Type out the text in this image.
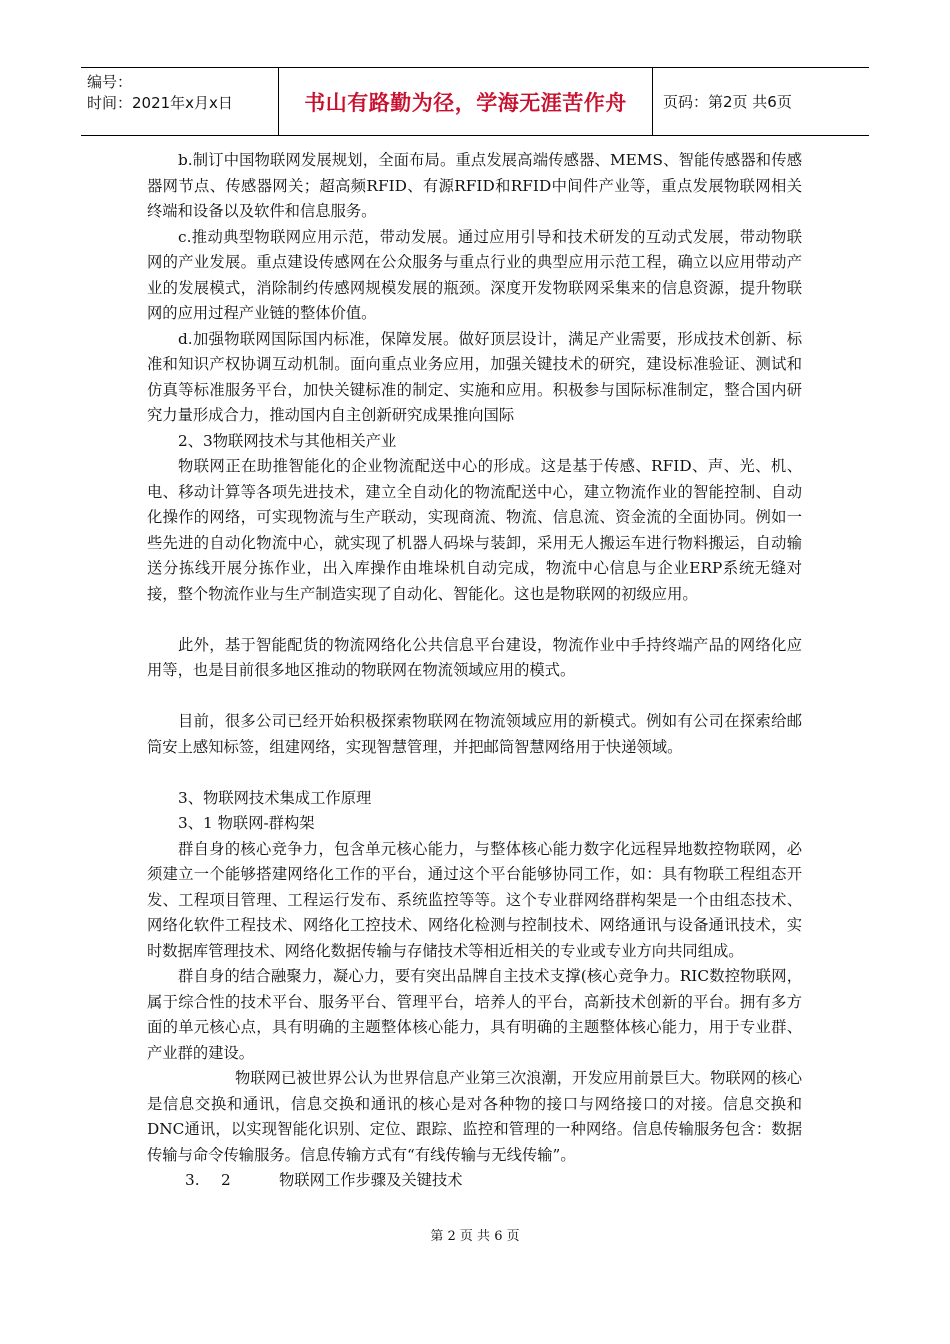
编号：
时间：2021年x月x日	书山有路勤为径，学海无涯苦作舟	页码：第2页 共6页

b.制订中国物联网发展规划，全面布局。重点发展高端传感器、MEMS、智能传感器和传感器网节点、传感器网关；超高频RFID、有源RFID和RFID中间件产业等，重点发展物联网相关终端和设备以及软件和信息服务。

c.推动典型物联网应用示范，带动发展。通过应用引导和技术研发的互动式发展，带动物联网的产业发展。重点建设传感网在公众服务与重点行业的典型应用示范工程，确立以应用带动产业的发展模式，消除制约传感网规模发展的瓶颈。深度开发物联网采集来的信息资源，提升物联网的应用过程产业链的整体价值。

d.加强物联网国际国内标准，保障发展。做好顶层设计，满足产业需要，形成技术创新、标准和知识产权协调互动机制。面向重点业务应用，加强关键技术的研究，建设标准验证、测试和仿真等标准服务平台，加快关键标准的制定、实施和应用。积极参与国际标准制定，整合国内研究力量形成合力，推动国内自主创新研究成果推向国际

2、3物联网技术与其他相关产业

物联网正在助推智能化的企业物流配送中心的形成。这是基于传感、RFID、声、光、机、电、移动计算等各项先进技术，建立全自动化的物流配送中心，建立物流作业的智能控制、自动化操作的网络，可实现物流与生产联动，实现商流、物流、信息流、资金流的全面协同。例如一些先进的自动化物流中心，就实现了机器人码垛与装卸，采用无人搬运车进行物料搬运，自动输送分拣线开展分拣作业，出入库操作由堆垛机自动完成，物流中心信息与企业ERP系统无缝对接，整个物流作业与生产制造实现了自动化、智能化。这也是物联网的初级应用。

此外，基于智能配货的物流网络化公共信息平台建设，物流作业中手持终端产品的网络化应用等，也是目前很多地区推动的物联网在物流领域应用的模式。

目前，很多公司已经开始积极探索物联网在物流领域应用的新模式。例如有公司在探索给邮筒安上感知标签，组建网络，实现智慧管理，并把邮筒智慧网络用于快递领域。

3、物联网技术集成工作原理

3、1 物联网-群构架

群自身的核心竞争力，包含单元核心能力，与整体核心能力数字化远程异地数控物联网，必须建立一个能够搭建网络化工作的平台，通过这个平台能够协同工作，如：具有物联工程组态开发、工程项目管理、工程运行发布、系统监控等等。这个专业群网络群构架是一个由组态技术、网络化软件工程技术、网络化工控技术、网络化检测与控制技术、网络通讯与设备通讯技术，实时数据库管理技术、网络化数据传输与存储技术等相近相关的专业或专业方向共同组成。

群自身的结合融聚力，凝心力，要有突出品牌自主技术支撑(核心竞争力。RIC数控物联网，属于综合性的技术平台、服务平台、管理平台，培养人的平台，高新技术创新的平台。拥有多方面的单元核心点，具有明确的主题整体核心能力，具有明确的主题整体核心能力，用于专业群、产业群的建设。

物联网已被世界公认为世界信息产业第三次浪潮，开发应用前景巨大。物联网的核心是信息交换和通讯，信息交换和通讯的核心是对各种物的接口与网络接口的对接。信息交换和DNC通讯，以实现智能化识别、定位、跟踪、监控和管理的一种网络。信息传输服务包含：数据传输与命令传输服务。信息传输方式有“有线传输与无线传输”。

3. 2	物联网工作步骤及关键技术

第 2 页 共 6 页
